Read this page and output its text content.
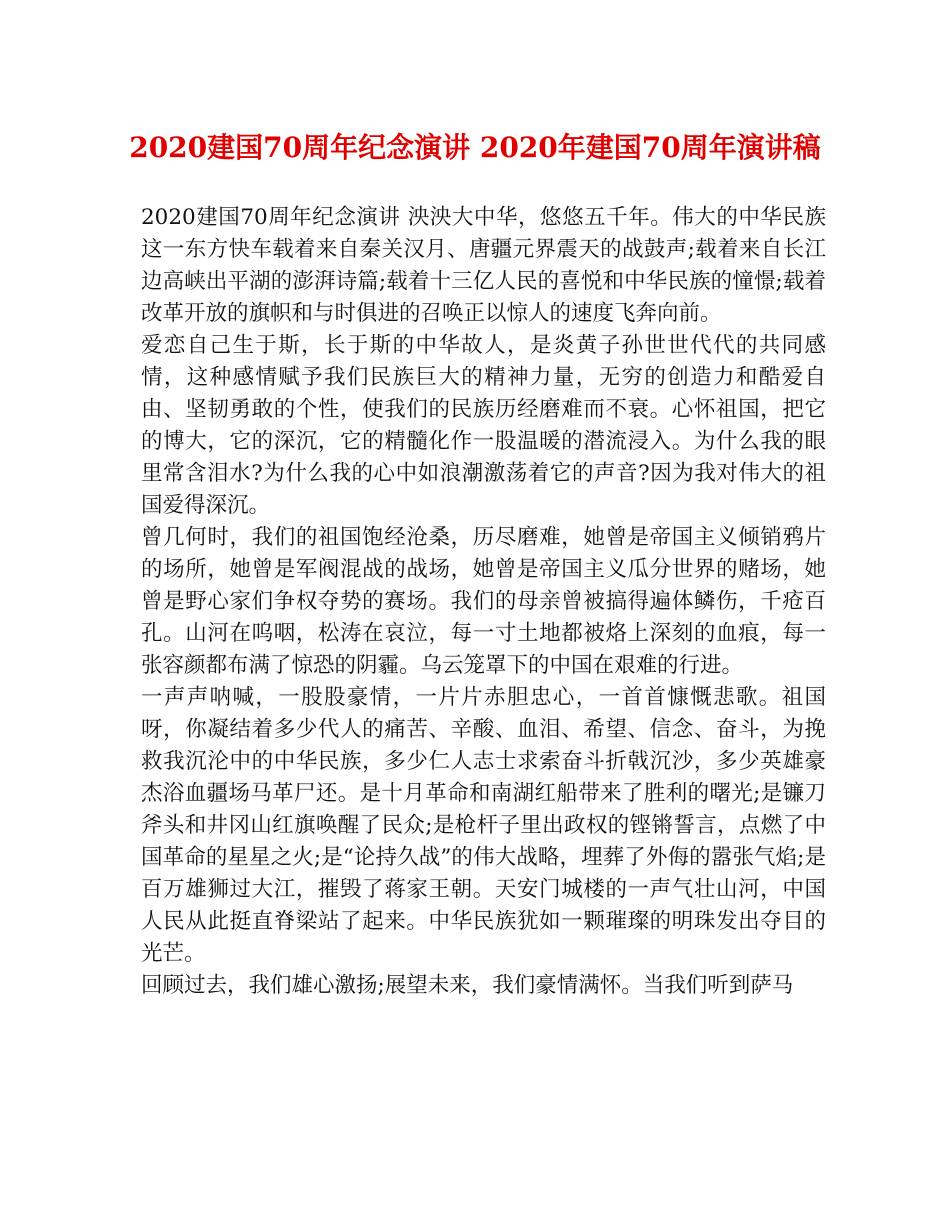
2020建国70周年纪念演讲 2020年建国70周年演讲稿

2020建国70周年纪念演讲 泱泱大中华，悠悠五千年。伟大的中华民族这一东方快车载着来自秦关汉月、唐疆元界震天的战鼓声;载着来自长江边高峡出平湖的澎湃诗篇;载着十三亿人民的喜悦和中华民族的憧憬;载着改革开放的旗帜和与时俱进的召唤正以惊人的速度飞奔向前。

爱恋自己生于斯，长于斯的中华故人，是炎黄子孙世世代代的共同感情，这种感情赋予我们民族巨大的精神力量，无穷的创造力和酷爱自由、坚韧勇敢的个性，使我们的民族历经磨难而不衰。心怀祖国，把它的博大，它的深沉，它的精髓化作一股温暖的潜流浸入。为什么我的眼里常含泪水?为什么我的心中如浪潮激荡着它的声音?因为我对伟大的祖国爱得深沉。

曾几何时，我们的祖国饱经沧桑，历尽磨难，她曾是帝国主义倾销鸦片的场所，她曾是军阀混战的战场，她曾是帝国主义瓜分世界的赌场，她曾是野心家们争权夺势的赛场。我们的母亲曾被搞得遍体鳞伤，千疮百孔。山河在呜咽，松涛在哀泣，每一寸土地都被烙上深刻的血痕，每一张容颜都布满了惊恐的阴霾。乌云笼罩下的中国在艰难的行进。

一声声呐喊，一股股豪情，一片片赤胆忠心，一首首慷慨悲歌。祖国呀，你凝结着多少代人的痛苦、辛酸、血泪、希望、信念、奋斗，为挽救我沉沦中的中华民族，多少仁人志士求索奋斗折戟沉沙，多少英雄豪杰浴血疆场马革尸还。是十月革命和南湖红船带来了胜利的曙光;是镰刀斧头和井冈山红旗唤醒了民众;是枪杆子里出政权的铿锵誓言，点燃了中国革命的星星之火;是“论持久战”的伟大战略，埋葬了外侮的嚣张气焰;是百万雄狮过大江，摧毁了蒋家王朝。天安门城楼的一声气壮山河，中国人民从此挺直脊梁站了起来。中华民族犹如一颗璀璨的明珠发出夺目的光芒。

回顾过去，我们雄心激扬;展望未来，我们豪情满怀。当我们听到萨马
